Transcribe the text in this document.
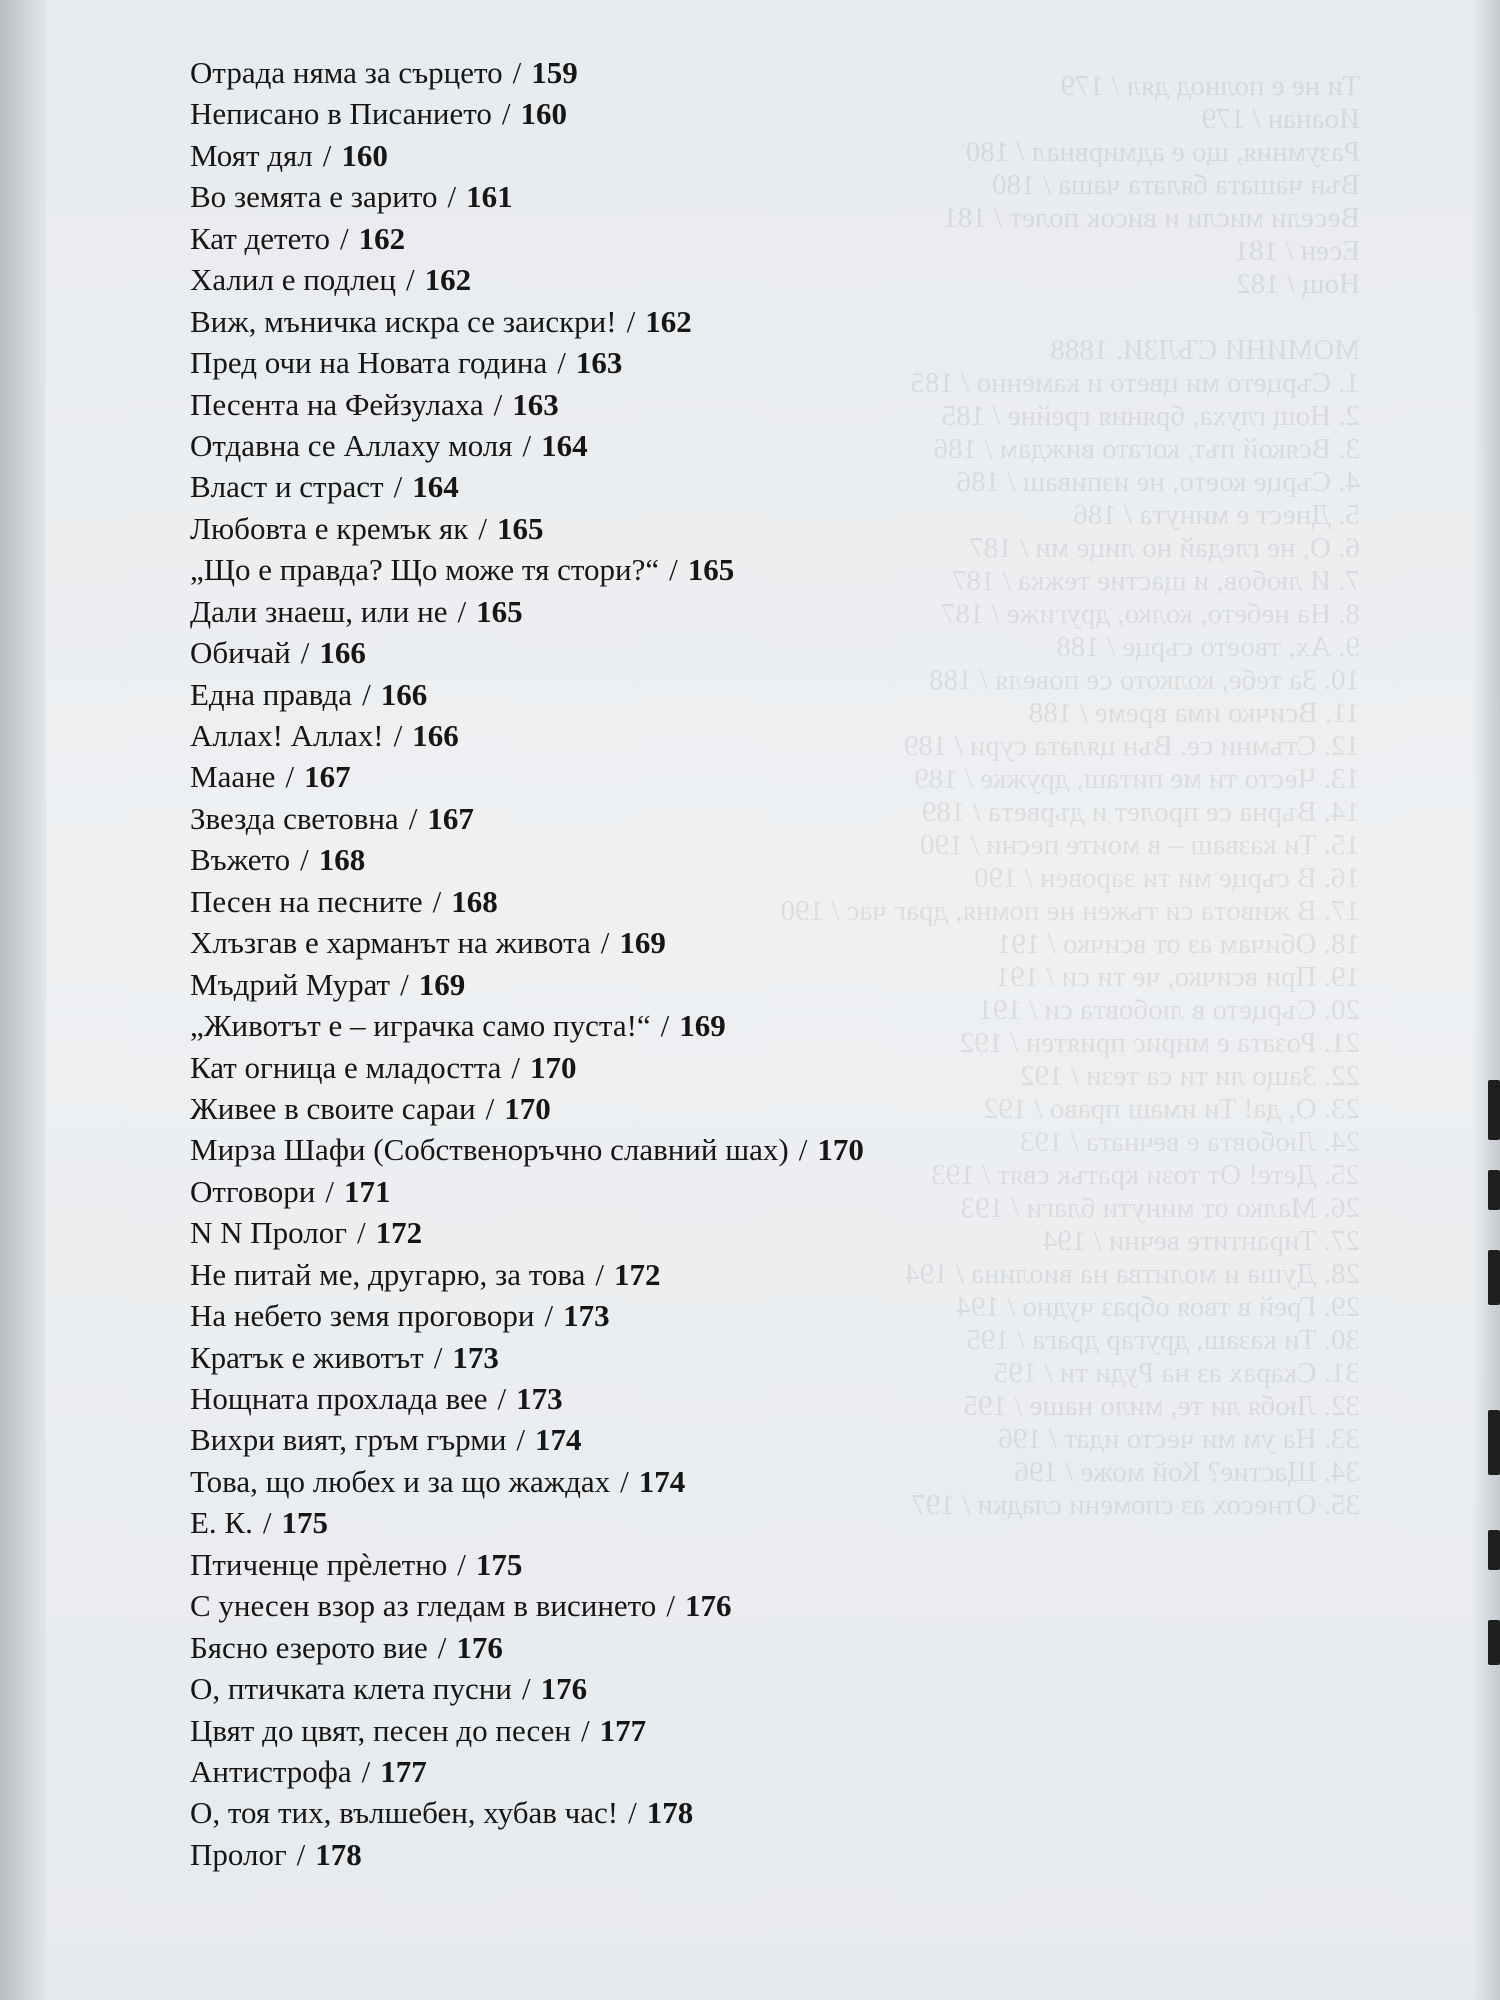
Ти не е полнод дял / 179
Иоанан / 179
Разумния, що е адмирвнал / 180
Вън чашата бялата чаша / 180
Весели мисли и висок полет / 181
Есен / 181
Нощ / 182
МОМИНИ СЪЛЗИ. 1888
1. Сърцето ми цвето и каменно / 185
2. Нощ глуха, бряния грейне / 185
3. Всякой път, когато виждам / 186
4. Сърце което, не изпиваш / 186
5. Днест е минута / 186
6. О, не гледай но лице ми / 187
7. И любов, и щастие тежка / 187
8. На небето, колко, другиже / 187
9. Ах, твоето сърце / 188
10. За тебе, колкото се повеля / 188
11. Всичко има време / 188
12. Стъмни се. Вън цялата сури / 189
13. Често ти ме питаш, дружке / 189
14. Върна се пролет и дървета / 189
15. Ти казваш – в моите песни / 190
16. В сърце ми ти заровен / 190
17. В живота си тъжен не помня, драг час / 190
18. Обичам аз от всичко / 191
19. При всичко, че ти си / 191
20. Сърцето в любовта си / 191
21. Розата е мирис приятен / 192
22. Защо ли ти са тези / 192
23. О, да! Ти имаш право / 192
24. Любовта е вечната / 193
25. Дете! От този кратък свят / 193
26. Малко от минути благи / 193
27. Тирантите вечни / 194
28. Душа и молитва на виолина / 194
29. Грей в твоя образ чудно / 194
30. Ти казаш, другар драга / 195
31. Скарах аз на Руди ти / 195
32. Любя ли те, мило наше / 195
33. На ум ми често идат / 196
34. Щастие? Кой може / 196
35. Отнесох аз спомени сладки / 197
Отрада няма за сърцето / 159
Неписано в Писанието / 160
Моят дял / 160
Во земята е зарито / 161
Кат детето / 162
Халил е подлец / 162
Виж, мъничка искра се заискри! / 162
Пред очи на Новата година / 163
Песента на Фейзулаха / 163
Отдавна се Аллаху моля / 164
Власт и страст / 164
Любовта е кремък як / 165
„Що е правда? Що може тя стори?“ / 165
Дали знаеш, или не / 165
Обичай / 166
Една правда / 166
Аллах! Аллах! / 166
Маане / 167
Звезда световна / 167
Въжето / 168
Песен на песните / 168
Хлъзгав е харманът на живота / 169
Мъдрий Мурат / 169
„Животът е – играчка само пуста!“ / 169
Кат огница е младостта / 170
Живее в своите сараи / 170
Мирза Шафи (Собственоръчно славний шах) / 170
Отговори / 171
N N Пролог / 172
Не питай ме, другарю, за това / 172
На небето земя проговори / 173
Кратък е животът / 173
Нощната прохлада вее / 173
Вихри вият, гръм гърми / 174
Това, що любех и за що жаждах / 174
Е. К. / 175
Птиченце прѐлетно / 175
С унесен взор аз гледам в висинето / 176
Бясно езерото вие / 176
О, птичката клета пусни / 176
Цвят до цвят, песен до песен / 177
Антистрофа / 177
О, тоя тих, вълшебен, хубав час! / 178
Пролог / 178
